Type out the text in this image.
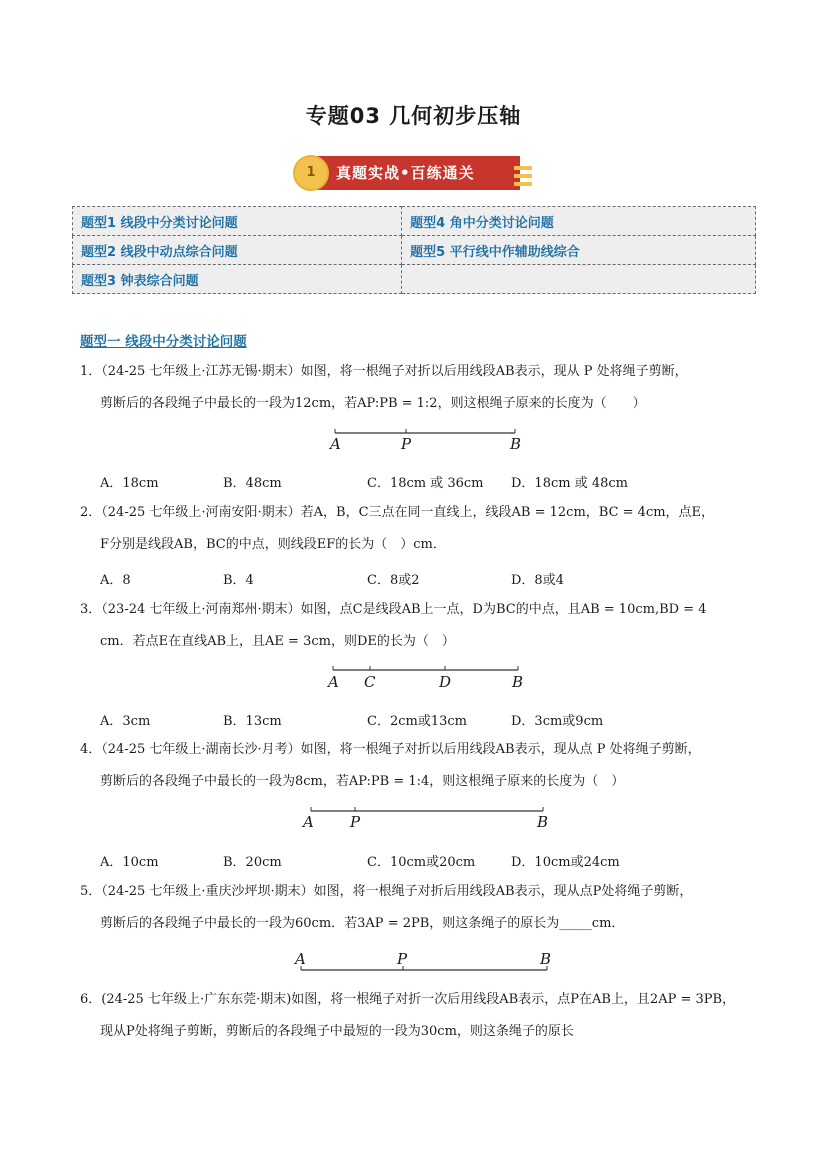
专题03 几何初步压轴
1	真题实战•百练通关
题型1 线段中分类讨论问题	题型4 角中分类讨论问题
题型2 线段中动点综合问题	题型5 平行线中作辅助线综合
题型3 钟表综合问题	
题型一 线段中分类讨论问题
1．（24-25 七年级上·江苏无锡·期末）如图，将一根绳子对折以后用线段AB表示，现从 P 处将绳子剪断，
剪断后的各段绳子中最长的一段为12cm，若AP:PB = 1:2，则这根绳子原来的长度为（　　）
A	P	B
A．18cm	B．48cm	C．18cm 或 36cm D．18cm 或 48cm
2．（24-25 七年级上·河南安阳·期末）若A，B，C三点在同一直线上，线段AB = 12cm，BC = 4cm，点E，
F分别是线段AB，BC的中点，则线段EF的长为（　）cm．
A．8	B．4	C．8或2	D．8或4
3．（23-24 七年级上·河南郑州·期末）如图，点C是线段AB上一点，D为BC的中点，且AB = 10cm,BD = 4
cm．若点E在直线AB上，且AE = 3cm，则DE的长为（　）
A C	D	B
A．3cm	B．13cm	C．2cm或13cm	D．3cm或9cm
4．（24-25 七年级上·湖南长沙·月考）如图，将一根绳子对折以后用线段AB表示，现从点 P 处将绳子剪断，
剪断后的各段绳子中最长的一段为8cm，若AP:PB = 1:4，则这根绳子原来的长度为（　）
A P	B
A．10cm	B．20cm	C．10cm或20cm	D．10cm或24cm
5．（24-25 七年级上·重庆沙坪坝·期末）如图，将一根绳子对折后用线段AB表示，现从点P处将绳子剪断，
剪断后的各段绳子中最长的一段为60cm．若3AP = 2PB，则这条绳子的原长为_____cm．
A	P	B
6．(24-25 七年级上·广东东莞·期末)如图，将一根绳子对折一次后用线段AB表示，点P在AB上，且2AP = 3PB，
现从P处将绳子剪断，剪断后的各段绳子中最短的一段为30cm，则这条绳子的原长
